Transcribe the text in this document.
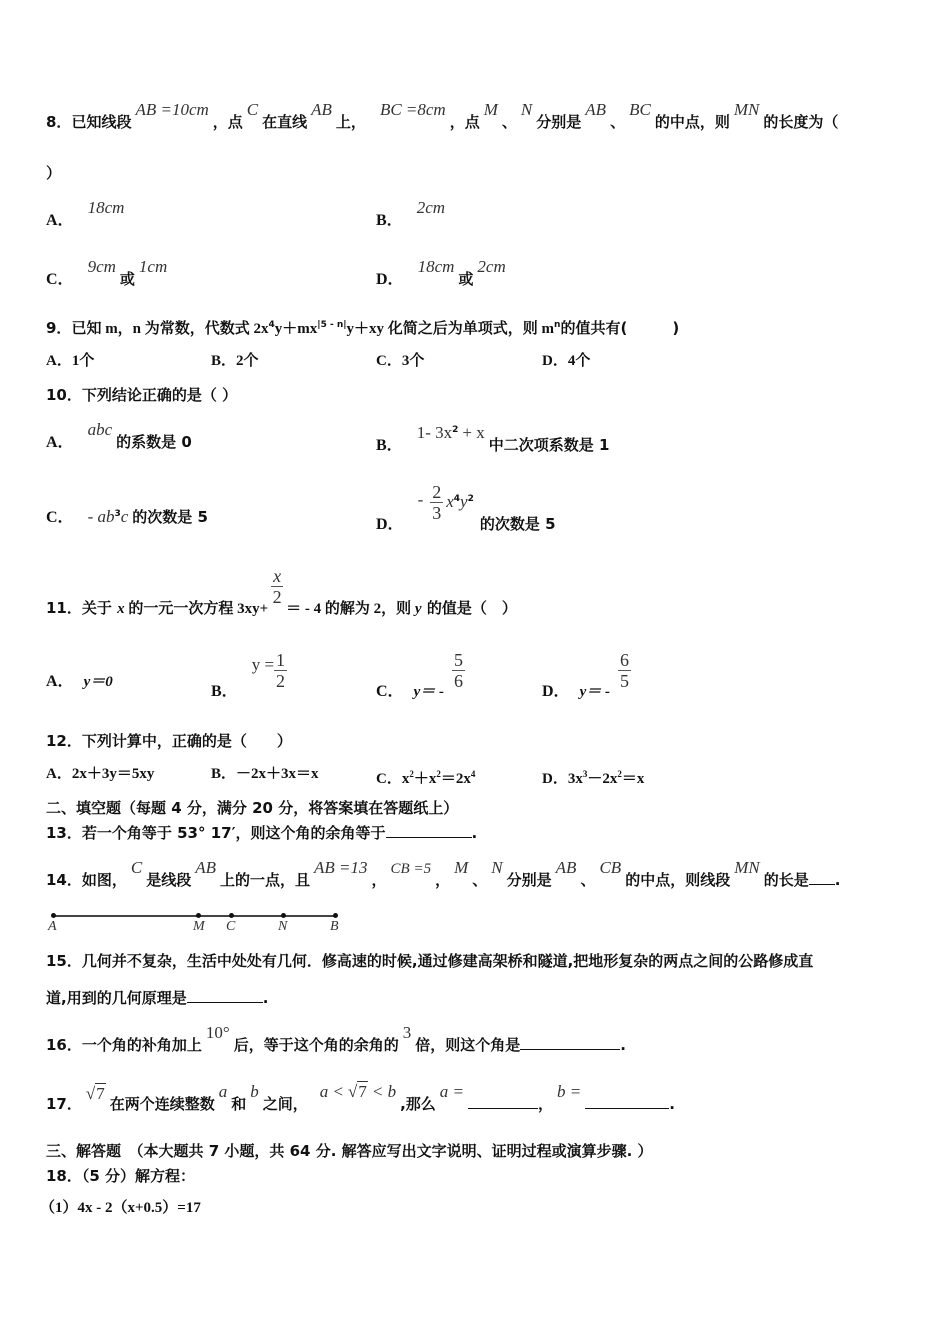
8．已知线段AB =10cm，点C在直线AB上，BC =8cm，点M、N分别是AB、BC的中点，则MN的长度为（
）
A．18cm
B．2cm
C．9cm或1cm
D．18cm或2cm
9．已知 m，n 为常数，代数式 $2x^4y+mx^{|5 - n|}y+xy$ 化简之后为单项式，则 $m^n$的值共有(　　　)
A．1个	B．2个	C．3个	D．4个
10．下列结论正确的是（ ）
A．abc的系数是 0	B．1- $3x^2 + x$中二次项系数是 1
C． - $ab^3c$ 的次数是 5	D．- $\frac{2}{3} x^4y^2$的次数是 5
11．关于 x 的一元一次方程 3xy+
$\frac{x}{2}$
＝ - 4 的解为 2，则 y 的值是（　）
A． y＝0
B．$y = \frac{1}{2}$
C． y＝ -
$\frac{5}{6}$
D． y＝ -
$\frac{6}{5}$
12．下列计算中，正确的是（　　）
A．2x＋3y＝5xy	B．－2x＋3x＝x	C．$x^2+x^2=2x^4$	D．$3x^3-2x^2=x$
二、填空题（每题 4 分，满分 20 分，将答案填在答题纸上）
13．若一个角等于 53° 17′，则这个角的余角等于	.
14．如图，C是线段AB上的一点，且AB =13，CB =5，M、N分别是AB、CB的中点，则线段MN的长是 .
A	M C	N	B
15．几何并不复杂，生活中处处有几何．修高速的时候,通过修建高架桥和隧道,把地形复杂的两点之间的公路修成直
道,用到的几何原理是	.
16．一个角的补角加上10°后，等于这个角的余角的3倍，则这个角是	.
17．√7在两个连续整数a和b之间，a < √7 < b,那么a =，b =.
三、解答题　（本大题共 7 小题，共 64 分. 解答应写出文字说明、证明过程或演算步骤. ）
18．（5 分）解方程：
（1）4x - 2（x+0.5）=17
